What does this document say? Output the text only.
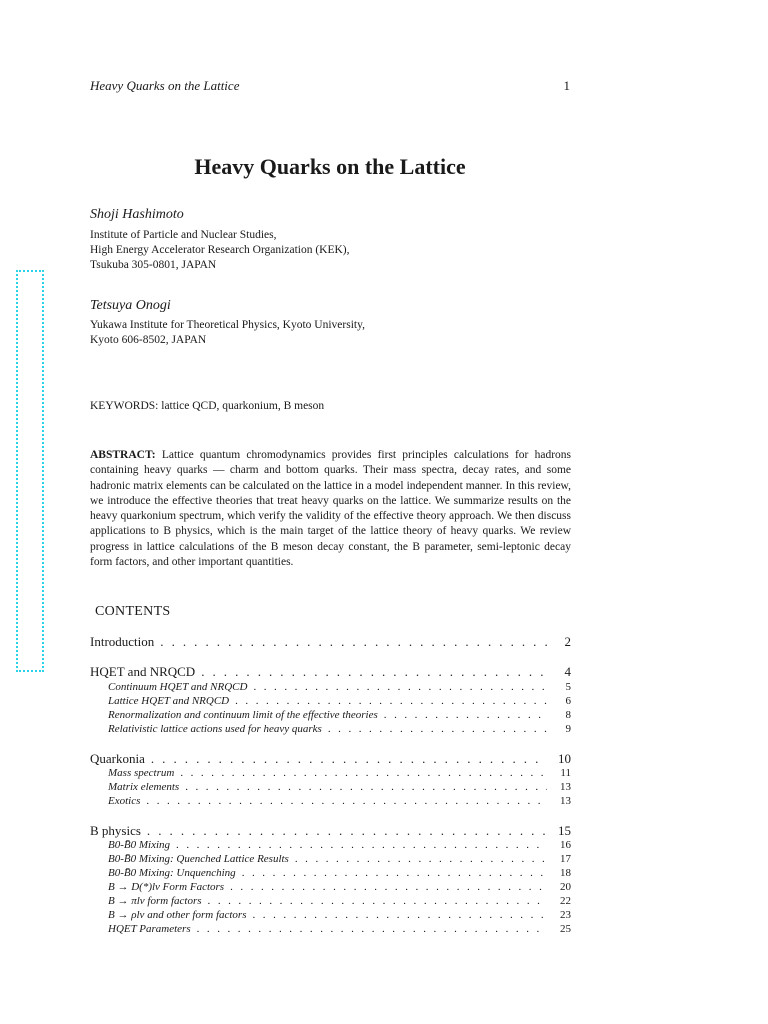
Heavy Quarks on the Lattice	1
Heavy Quarks on the Lattice
Shoji Hashimoto
Institute of Particle and Nuclear Studies,
High Energy Accelerator Research Organization (KEK),
Tsukuba 305-0801, JAPAN
Tetsuya Onogi
Yukawa Institute for Theoretical Physics, Kyoto University,
Kyoto 606-8502, JAPAN
KEYWORDS: lattice QCD, quarkonium, B meson
ABSTRACT: Lattice quantum chromodynamics provides first principles calculations for hadrons containing heavy quarks — charm and bottom quarks. Their mass spectra, decay rates, and some hadronic matrix elements can be calculated on the lattice in a model independent manner. In this review, we introduce the effective theories that treat heavy quarks on the lattice. We summarize results on the heavy quarkonium spectrum, which verify the validity of the effective theory approach. We then discuss applications to B physics, which is the main target of the lattice theory of heavy quarks. We review progress in lattice calculations of the B meson decay constant, the B parameter, semi-leptonic decay form factors, and other important quantities.
CONTENTS
Introduction . . .	2
HQET and NRQCD . . .	4
Continuum HQET and NRQCD . . .	5
Lattice HQET and NRQCD . . .	6
Renormalization and continuum limit of the effective theories . . .	8
Relativistic lattice actions used for heavy quarks . . .	9
Quarkonia . . .	10
Mass spectrum . . .	11
Matrix elements . . .	13
Exotics . . .	13
B physics . . .	15
B0-B̄0 Mixing . . .	16
B0-B̄0 Mixing: Quenched Lattice Results . . .	17
B0-B̄0 Mixing: Unquenching . . .	18
B → D(*)lν Form Factors . . .	20
B → πlν form factors . . .	22
B → ρlν and other form factors . . .	23
HQET Parameters . . .	25
